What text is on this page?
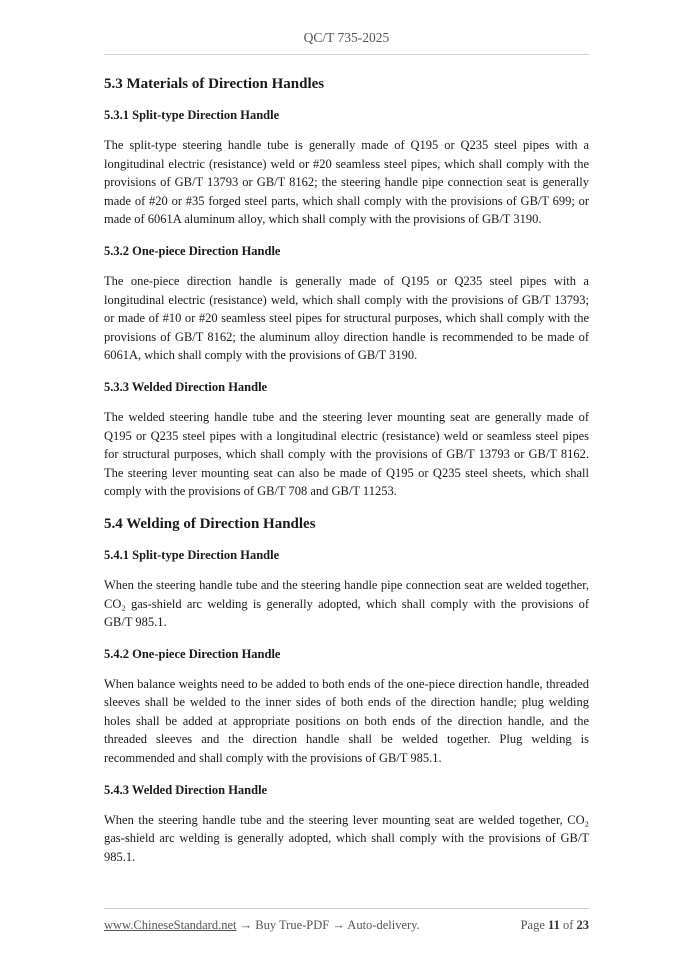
QC/T 735-2025
5.3 Materials of Direction Handles
5.3.1 Split-type Direction Handle

The split-type steering handle tube is generally made of Q195 or Q235 steel pipes with a longitudinal electric (resistance) weld or #20 seamless steel pipes, which shall comply with the provisions of GB/T 13793 or GB/T 8162; the steering handle pipe connection seat is generally made of #20 or #35 forged steel parts, which shall comply with the provisions of GB/T 699; or made of 6061A aluminum alloy, which shall comply with the provisions of GB/T 3190.

5.3.2 One-piece Direction Handle

The one-piece direction handle is generally made of Q195 or Q235 steel pipes with a longitudinal electric (resistance) weld, which shall comply with the provisions of GB/T 13793; or made of #10 or #20 seamless steel pipes for structural purposes, which shall comply with the provisions of GB/T 8162; the aluminum alloy direction handle is recommended to be made of 6061A, which shall comply with the provisions of GB/T 3190.

5.3.3 Welded Direction Handle

The welded steering handle tube and the steering lever mounting seat are generally made of Q195 or Q235 steel pipes with a longitudinal electric (resistance) weld or seamless steel pipes for structural purposes, which shall comply with the provisions of GB/T 13793 or GB/T 8162. The steering lever mounting seat can also be made of Q195 or Q235 steel sheets, which shall comply with the provisions of GB/T 708 and GB/T 11253.

5.4 Welding of Direction Handles
5.4.1 Split-type Direction Handle

When the steering handle tube and the steering handle pipe connection seat are welded together, CO₂ gas-shield arc welding is generally adopted, which shall comply with the provisions of GB/T 985.1.

5.4.2 One-piece Direction Handle

When balance weights need to be added to both ends of the one-piece direction handle, threaded sleeves shall be welded to the inner sides of both ends of the direction handle; plug welding holes shall be added at appropriate positions on both ends of the direction handle, and the threaded sleeves and the direction handle shall be welded together. Plug welding is recommended and shall comply with the provisions of GB/T 985.1.

5.4.3 Welded Direction Handle

When the steering handle tube and the steering lever mounting seat are welded together, CO₂ gas-shield arc welding is generally adopted, which shall comply with the provisions of GB/T 985.1.

www.ChineseStandard.net → Buy True-PDF → Auto-delivery.	Page 11 of 23
